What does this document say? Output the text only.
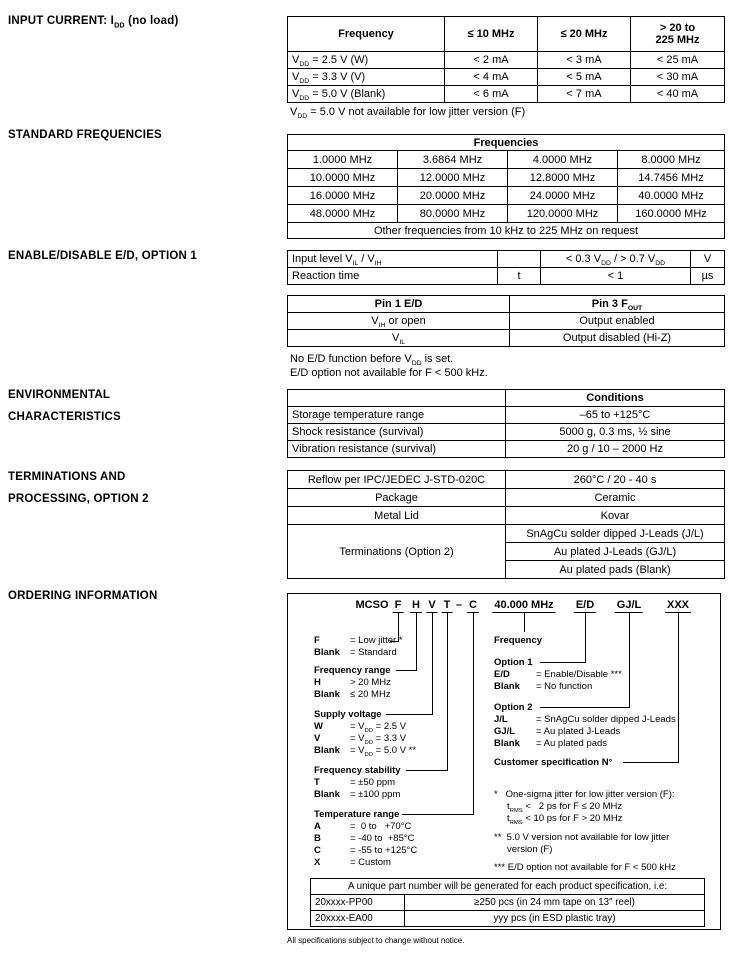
INPUT CURRENT: $I_{DD}$ (no load)
STANDARD FREQUENCIES
ENABLE/DISABLE E/D, OPTION 1
ENVIRONMENTAL
CHARACTERISTICS
TERMINATIONS AND
PROCESSING, OPTION 2
ORDERING INFORMATION
Frequency	≤ 10 MHz	≤ 20 MHz	> 20 to
225 MHz
$V_{DD} = 2.5$ V (W)	< 2 mA	< 3 mA	< 25 mA
$V_{DD} = 3.3$ V (V)	< 4 mA	< 5 mA	< 30 mA
$V_{DD} = 5.0$ V (Blank)	< 6 mA	< 7 mA	< 40 mA
$V_{DD} = 5.0$ V not available for low jitter version (F)
Frequencies			
1.0000 MHz	3.6864 MHz	4.0000 MHz	8.0000 MHz
10.0000 MHz	12.0000 MHz	12.8000 MHz	14.7456 MHz
16.0000 MHz	20.0000 MHz	24.0000 MHz	40.0000 MHz
48.0000 MHz	80.0000 MHz	120.0000 MHz	160.0000 MHz
Other frequencies from 10 kHz to 225 MHz on request			
Input level $V_{IL} / V_{IH}$		< 0.3 $V_{DD}$ / > 0.7 $V_{DD}$	V
Reaction time	t	< 1	µs
Pin 1 E/D	Pin 3 $F_{OUT}$
$V_{IH}$ or open	Output enabled
$V_{IL}$	Output disabled (Hi-Z)
No E/D function before $V_{DD}$ is set.
E/D option not available for F < 500 kHz.
	Conditions
Storage temperature range	–65 to +125°C
Shock resistance (survival)	5000 g, 0.3 ms, ½ sine
Vibration resistance (survival)	20 g / 10 – 2000 Hz
Reflow per IPC/JEDEC J-STD-020C	260°C / 20 - 40 s
Package	Ceramic
Metal Lid	Kovar
Terminations (Option 2)	SnAgCu solder dipped J-Leads (J/L)
	Au plated J-Leads (GJ/L)
	Au plated pads (Blank)
MCSO F H V T – C 40.000 MHz E/D GJ/L XXX
F	= Low jitter *
Blank	= Standard
Frequency range
H	> 20 MHz
Blank	≤ 20 MHz
Supply voltage
W	= $V_{DD} = 2.5$ V
V	= $V_{DD} = 3.3$ V
Blank	= $V_{DD} = 5.0$ V **
Frequency stability
T	= ±50 ppm
Blank	= ±100 ppm
Temperature range
A	=  0 to   +70°C
B	= -40 to  +85°C
C	= -55 to +125°C
X	= Custom
Frequency
Option 1
E/D	= Enable/Disable ***
Blank	= No function
Option 2
J/L	= SnAgCu solder dipped J-Leads
GJ/L	= Au plated J-Leads
Blank	= Au plated pads
Customer specification N°
*   One-sigma jitter for low jitter version (F):
$t_{RMS} < 2$ ps for F ≤ 20 MHz
$t_{RMS} < 10$ ps for F > 20 MHz
**  5.0 V version not available for low jitter
version (F)
*** E/D option not available for F < 500 kHz
A unique part number will be generated for each product specification, i.e:	
20xxxx-PP00	≥250 pcs (in 24 mm tape on 13" reel)
20xxxx-EA00	yyy pcs (in ESD plastic tray)
All specifications subject to change without notice.
